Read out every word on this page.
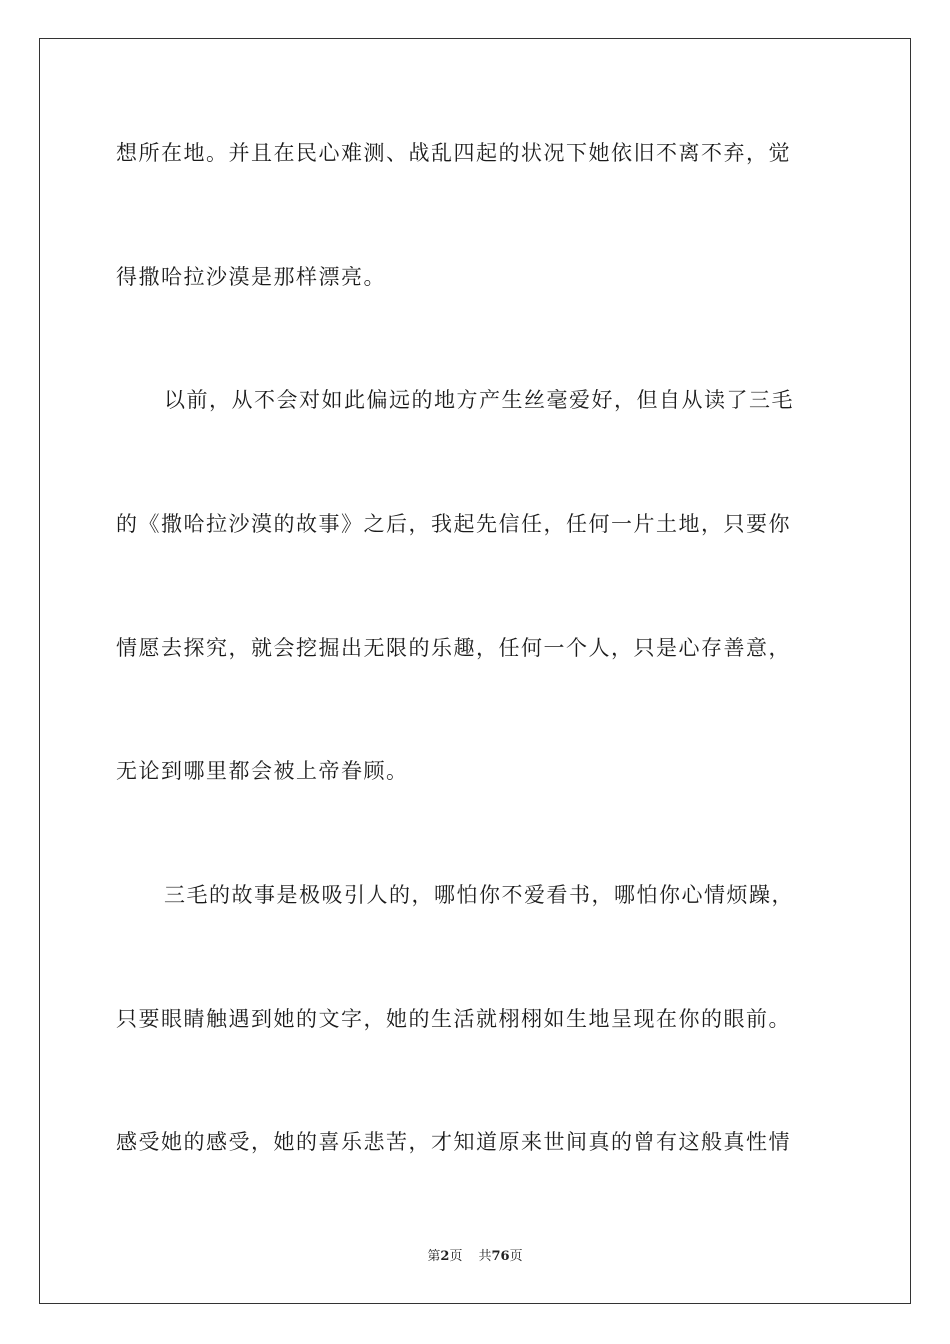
想所在地。并且在民心难测、战乱四起的状况下她依旧不离不弃，觉
得撒哈拉沙漠是那样漂亮。
以前，从不会对如此偏远的地方产生丝毫爱好，但自从读了三毛
的《撒哈拉沙漠的故事》之后，我起先信任，任何一片土地，只要你
情愿去探究，就会挖掘出无限的乐趣，任何一个人，只是心存善意，
无论到哪里都会被上帝眷顾。
三毛的故事是极吸引人的，哪怕你不爱看书，哪怕你心情烦躁，
只要眼睛触遇到她的文字，她的生活就栩栩如生地呈现在你的眼前。
感受她的感受，她的喜乐悲苦，才知道原来世间真的曾有这般真性情
第2页 共76页
